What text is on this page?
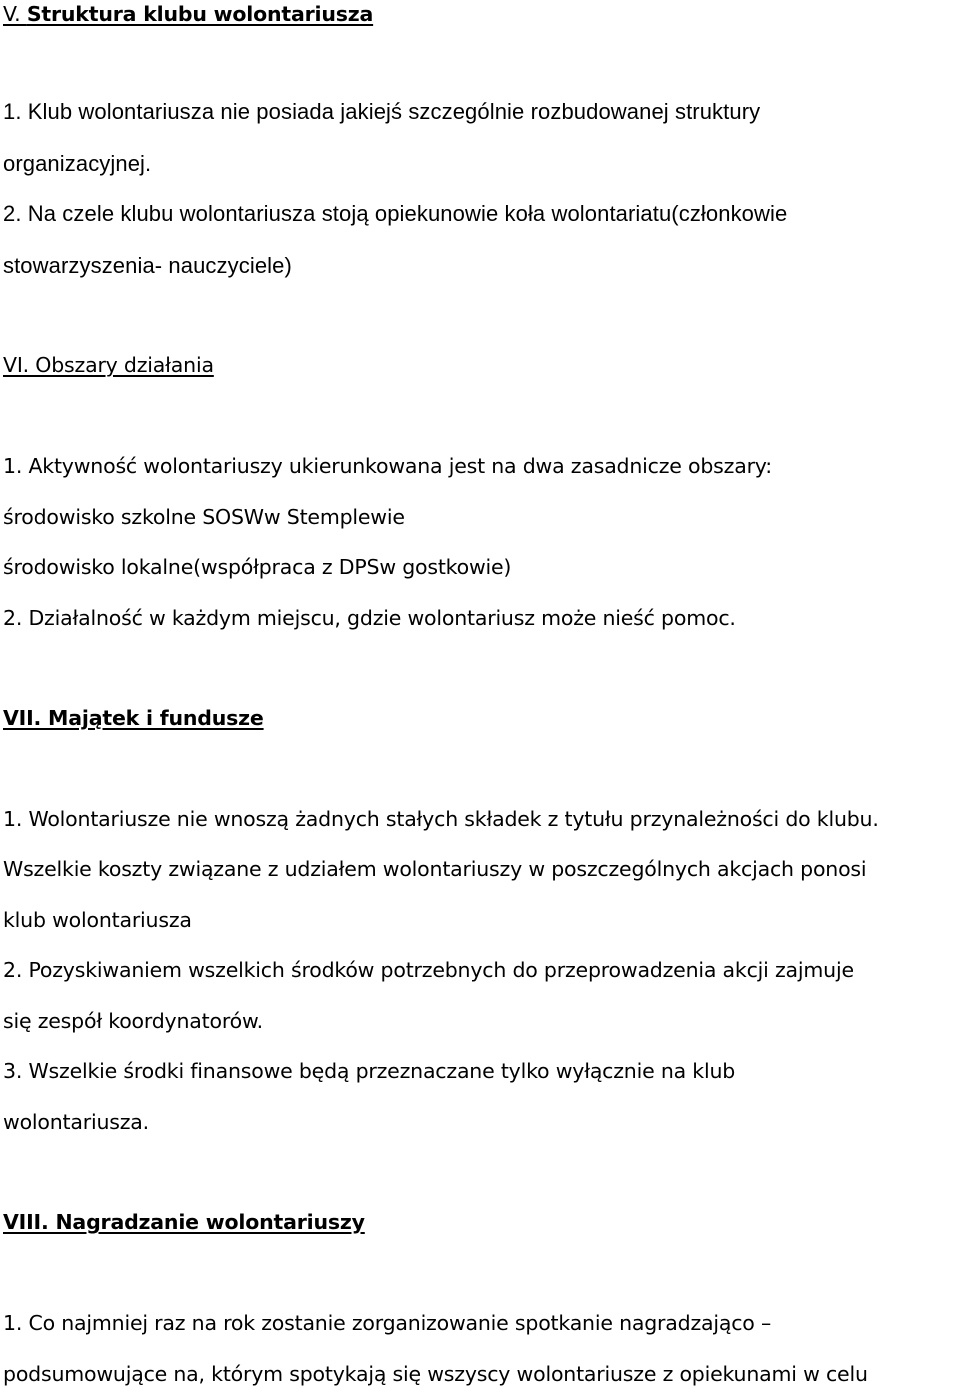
V. Struktura klubu wolontariusza
1. Klub wolontariusza nie posiada jakiejś szczególnie rozbudowanej struktury
organizacyjnej.
2. Na czele klubu wolontariusza stoją opiekunowie koła wolontariatu(członkowie
stowarzyszenia- nauczyciele)
VI. Obszary działania
1. Aktywność wolontariuszy ukierunkowana jest na dwa zasadnicze obszary:
środowisko szkolne SOSWw Stemplewie
środowisko lokalne(współpraca z DPSw gostkowie)
2. Działalność w każdym miejscu, gdzie wolontariusz może nieść pomoc.
VII. Majątek i fundusze
1. Wolontariusze nie wnoszą żadnych stałych składek z tytułu przynależności do klubu.
Wszelkie koszty związane z udziałem wolontariuszy w poszczególnych akcjach ponosi
klub wolontariusza
2. Pozyskiwaniem wszelkich środków potrzebnych do przeprowadzenia akcji zajmuje
się zespół koordynatorów.
3. Wszelkie środki finansowe będą przeznaczane tylko wyłącznie na klub
wolontariusza.
VIII. Nagradzanie wolontariuszy
1. Co najmniej raz na rok zostanie zorganizowanie spotkanie nagradzająco –
podsumowujące na, którym spotykają się wszyscy wolontariusze z opiekunami w celu
